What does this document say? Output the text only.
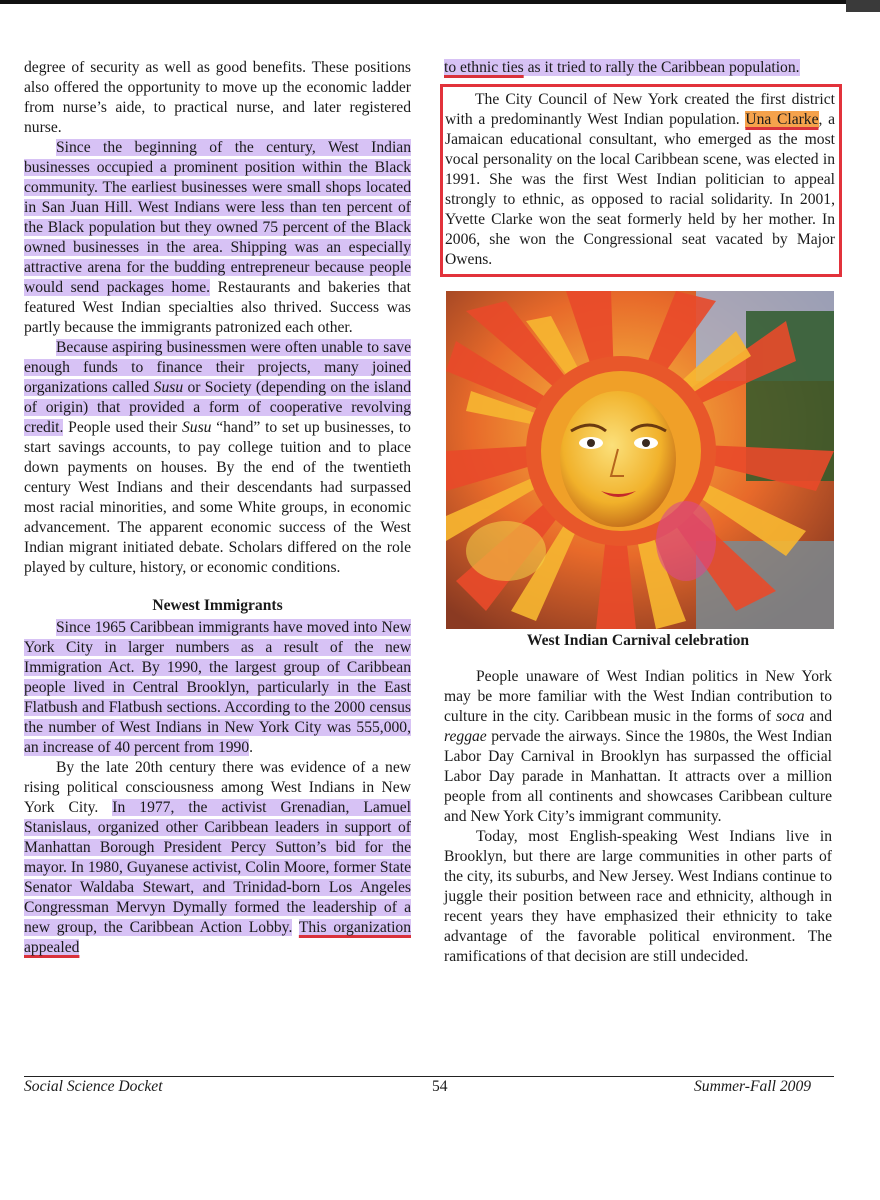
degree of security as well as good benefits. These positions also offered the opportunity to move up the economic ladder from nurse’s aide, to practical nurse, and later registered nurse.

Since the beginning of the century, West Indian businesses occupied a prominent position within the Black community. The earliest businesses were small shops located in San Juan Hill. West Indians were less than ten percent of the Black population but they owned 75 percent of the Black owned businesses in the area. Shipping was an especially attractive arena for the budding entrepreneur because people would send packages home. Restaurants and bakeries that featured West Indian specialties also thrived. Success was partly because the immigrants patronized each other.

Because aspiring businessmen were often unable to save enough funds to finance their projects, many joined organizations called Susu or Society (depending on the island of origin) that provided a form of cooperative revolving credit. People used their Susu “hand” to set up businesses, to start savings accounts, to pay college tuition and to place down payments on houses. By the end of the twentieth century West Indians and their descendants had surpassed most racial minorities, and some White groups, in economic advancement. The apparent economic success of the West Indian migrant initiated debate. Scholars differed on the role played by culture, history, or economic conditions.

Newest Immigrants

Since 1965 Caribbean immigrants have moved into New York City in larger numbers as a result of the new Immigration Act. By 1990, the largest group of Caribbean people lived in Central Brooklyn, particularly in the East Flatbush and Flatbush sections. According to the 2000 census the number of West Indians in New York City was 555,000, an increase of 40 percent from 1990.

By the late 20th century there was evidence of a new rising political consciousness among West Indians in New York City. In 1977, the activist Grenadian, Lamuel Stanislaus, organized other Caribbean leaders in support of Manhattan Borough President Percy Sutton’s bid for the mayor. In 1980, Guyanese activist, Colin Moore, former State Senator Waldaba Stewart, and Trinidad-born Los Angeles Congressman Mervyn Dymally formed the leadership of a new group, the Caribbean Action Lobby. This organization appealed

to ethnic ties as it tried to rally the Caribbean population.

The City Council of New York created the first district with a predominantly West Indian population. Una Clarke, a Jamaican educational consultant, who emerged as the most vocal personality on the local Caribbean scene, was elected in 1991. She was the first West Indian politician to appeal strongly to ethnic, as opposed to racial solidarity. In 2001, Yvette Clarke won the seat formerly held by her mother. In 2006, she won the Congressional seat vacated by Major Owens.

West Indian Carnival celebration

People unaware of West Indian politics in New York may be more familiar with the West Indian contribution to culture in the city. Caribbean music in the forms of soca and reggae pervade the airways. Since the 1980s, the West Indian Labor Day Carnival in Brooklyn has surpassed the official Labor Day parade in Manhattan. It attracts over a million people from all continents and showcases Caribbean culture and New York City’s immigrant community.

Today, most English-speaking West Indians live in Brooklyn, but there are large communities in other parts of the city, its suburbs, and New Jersey. West Indians continue to juggle their position between race and ethnicity, although in recent years they have emphasized their ethnicity to take advantage of the favorable political environment. The ramifications of that decision are still undecided.

Social Science Docket	54	Summer-Fall 2009
